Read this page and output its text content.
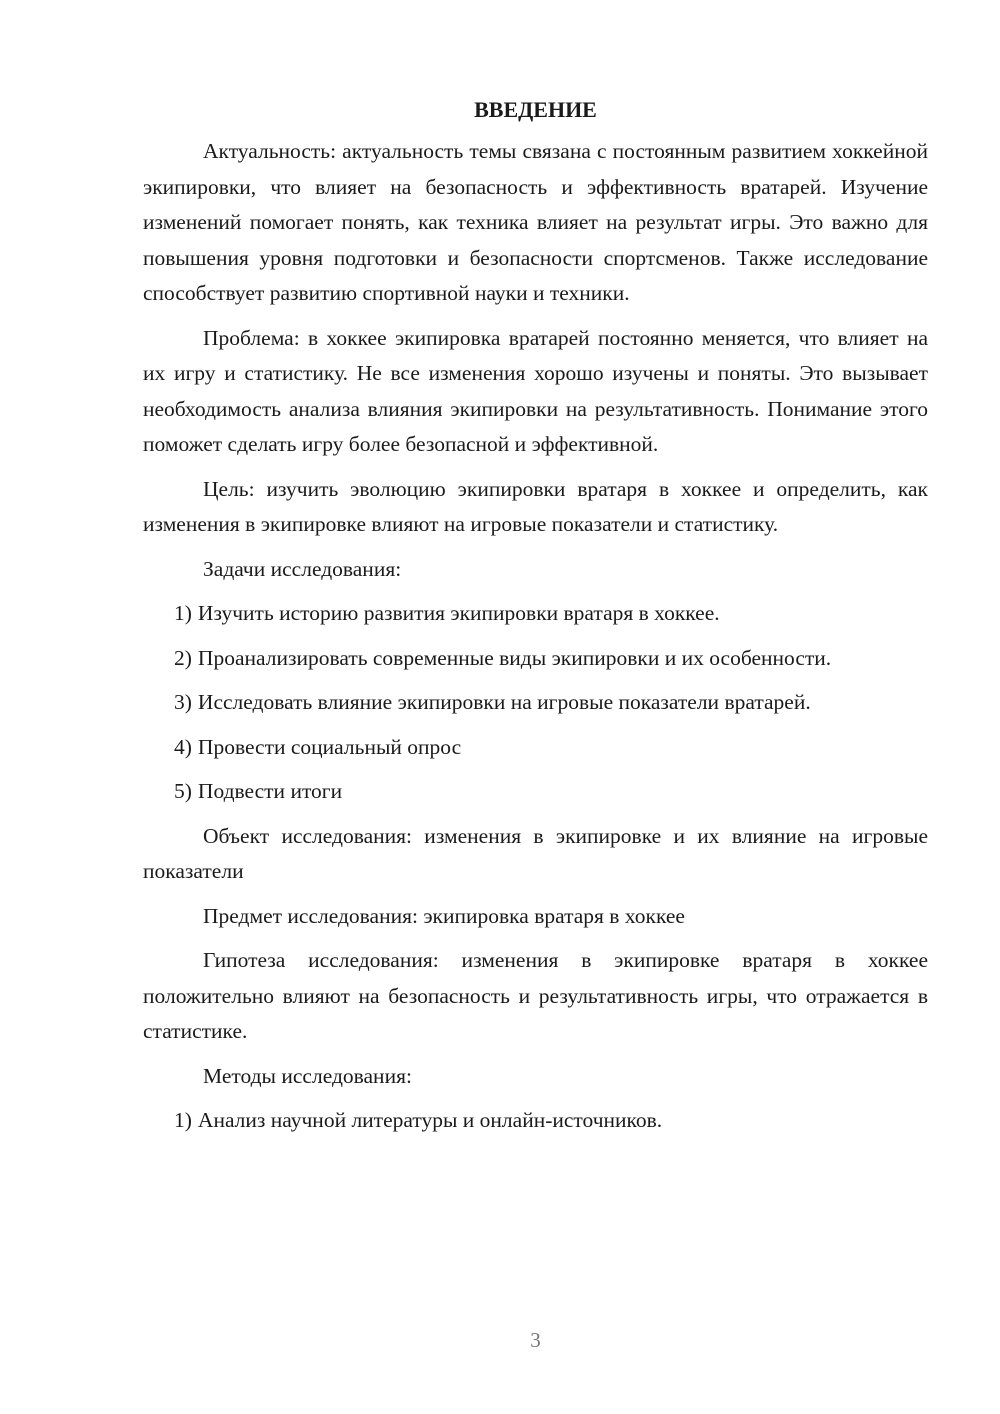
ВВЕДЕНИЕ

Актуальность: актуальность темы связана с постоянным развитием хоккейной экипировки, что влияет на безопасность и эффективность вратарей. Изучение изменений помогает понять, как техника влияет на результат игры. Это важно для повышения уровня подготовки и безопасности спортсменов. Также исследование способствует развитию спортивной науки и техники.

Проблема: в хоккее экипировка вратарей постоянно меняется, что влияет на их игру и статистику. Не все изменения хорошо изучены и поняты. Это вызывает необходимость анализа влияния экипировки на результативность. Понимание этого поможет сделать игру более безопасной и эффективной.

Цель: изучить эволюцию экипировки вратаря в хоккее и определить, как изменения в экипировке влияют на игровые показатели и статистику.

Задачи исследования:

1) Изучить историю развития экипировки вратаря в хоккее.

2) Проанализировать современные виды экипировки и их особенности.

3) Исследовать влияние экипировки на игровые показатели вратарей.

4) Провести социальный опрос

5) Подвести итоги

Объект исследования: изменения в экипировке и их влияние на игровые показатели

Предмет исследования: экипировка вратаря в хоккее

Гипотеза исследования: изменения в экипировке вратаря в хоккее положительно влияют на безопасность и результативность игры, что отражается в статистике.

Методы исследования:

1) Анализ научной литературы и онлайн-источников.

3
